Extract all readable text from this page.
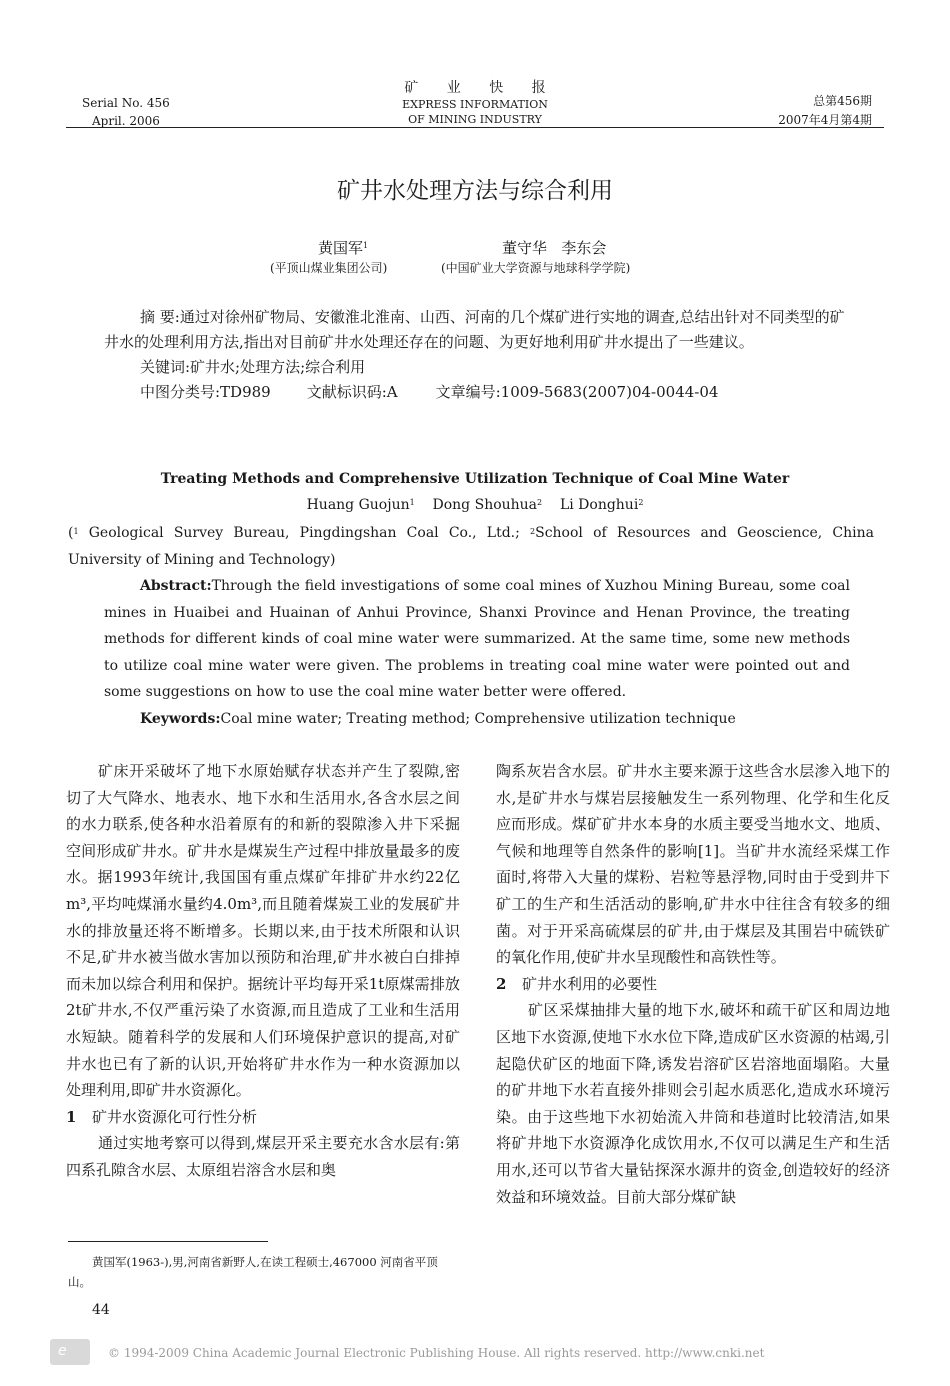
Serial No. 456
April. 2006
矿 业 快 报
EXPRESS INFORMATION
OF MINING INDUSTRY
总第456期
2007年4月第4期
矿井水处理方法与综合利用
黄国军$^1$	董守华 李东会
(平顶山煤业集团公司)	(中国矿业大学资源与地球科学学院)

摘 要:通过对徐州矿物局、安徽淮北淮南、山西、河南的几个煤矿进行实地的调查,总结出针对不同类型的矿井水的处理利用方法,指出对目前矿井水处理还存在的问题、为更好地利用矿井水提出了一些建议。

关键词:矿井水;处理方法;综合利用

中图分类号:TD989 文献标识码:A	文章编号:1009-5683(2007)04-0044-04

Treating Methods and Comprehensive Utilization Technique of Coal Mine Water
Huang Guojun$^1$ Dong Shouhua$^2$ Li Donghui$^2$
($^1$ Geological Survey Bureau, Pingdingshan Coal Co., Ltd.; $^2$School of Resources and Geoscience, China University of Mining and Technology)

Abstract:Through the field investigations of some coal mines of Xuzhou Mining Bureau, some coal mines in Huaibei and Huainan of Anhui Province, Shanxi Province and Henan Province, the treating methods for different kinds of coal mine water were summarized. At the same time, some new methods to utilize coal mine water were given. The problems in treating coal mine water were pointed out and some suggestions on how to use the coal mine water better were offered.

Keywords:Coal mine water; Treating method; Comprehensive utilization technique

矿床开采破坏了地下水原始赋存状态并产生了裂隙,密切了大气降水、地表水、地下水和生活用水,各含水层之间的水力联系,使各种水沿着原有的和新的裂隙渗入井下采掘空间形成矿井水。矿井水是煤炭生产过程中排放量最多的废水。据1993年统计,我国国有重点煤矿年排矿井水约22亿m³,平均吨煤涌水量约4.0m³,而且随着煤炭工业的发展矿井水的排放量还将不断增多。长期以来,由于技术所限和认识不足,矿井水被当做水害加以预防和治理,矿井水被白白排掉而未加以综合利用和保护。据统计平均每开采1t原煤需排放2t矿井水,不仅严重污染了水资源,而且造成了工业和生活用水短缺。随着科学的发展和人们环境保护意识的提高,对矿井水也已有了新的认识,开始将矿井水作为一种水资源加以处理利用,即矿井水资源化。

1 矿井水资源化可行性分析

通过实地考察可以得到,煤层开采主要充水含水层有:第四系孔隙含水层、太原组岩溶含水层和奥

陶系灰岩含水层。矿井水主要来源于这些含水层渗入地下的水,是矿井水与煤岩层接触发生一系列物理、化学和生化反应而形成。煤矿矿井水本身的水质主要受当地水文、地质、气候和地理等自然条件的影响[1]。当矿井水流经采煤工作面时,将带入大量的煤粉、岩粒等悬浮物,同时由于受到井下矿工的生产和生活活动的影响,矿井水中往往含有较多的细菌。对于开采高硫煤层的矿井,由于煤层及其围岩中硫铁矿的氧化作用,使矿井水呈现酸性和高铁性等。

2 矿井水利用的必要性

矿区采煤抽排大量的地下水,破坏和疏干矿区和周边地区地下水资源,使地下水水位下降,造成矿区水资源的枯竭,引起隐伏矿区的地面下降,诱发岩溶矿区岩溶地面塌陷。大量的矿井地下水若直接外排则会引起水质恶化,造成水环境污染。由于这些地下水初始流入井筒和巷道时比较清洁,如果将矿井地下水资源净化成饮用水,不仅可以满足生产和生活用水,还可以节省大量钻探深水源井的资金,创造较好的经济效益和环境效益。目前大部分煤矿缺

黄国军(1963-),男,河南省新野人,在读工程硕士,467000 河南省平顶山。
44
e	© 1994-2009 China Academic Journal Electronic Publishing House. All rights reserved. http://www.cnki.net
